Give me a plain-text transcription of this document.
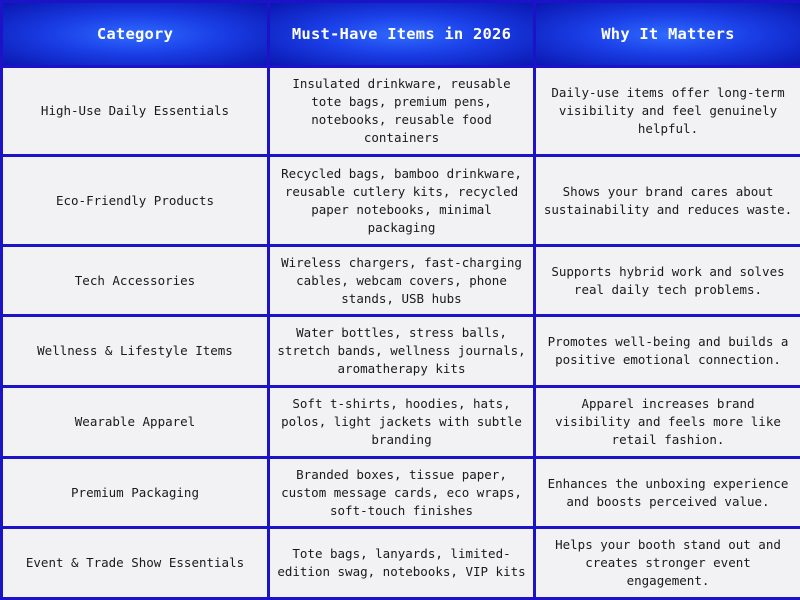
Category	Must-Have Items in 2026	Why It Matters
High-Use Daily Essentials	Insulated drinkware, reusable tote bags, premium pens, notebooks, reusable food containers	Daily-use items offer long-term visibility and feel genuinely helpful.
Eco-Friendly Products	Recycled bags, bamboo drinkware, reusable cutlery kits, recycled paper notebooks, minimal packaging	Shows your brand cares about sustainability and reduces waste.
Tech Accessories	Wireless chargers, fast-charging cables, webcam covers, phone stands, USB hubs	Supports hybrid work and solves real daily tech problems.
Wellness & Lifestyle Items	Water bottles, stress balls, stretch bands, wellness journals, aromatherapy kits	Promotes well-being and builds a positive emotional connection.
Wearable Apparel	Soft t-shirts, hoodies, hats, polos, light jackets with subtle branding	Apparel increases brand visibility and feels more like retail fashion.
Premium Packaging	Branded boxes, tissue paper, custom message cards, eco wraps, soft-touch finishes	Enhances the unboxing experience and boosts perceived value.
Event & Trade Show Essentials	Tote bags, lanyards, limited-edition swag, notebooks, VIP kits	Helps your booth stand out and creates stronger event engagement.
